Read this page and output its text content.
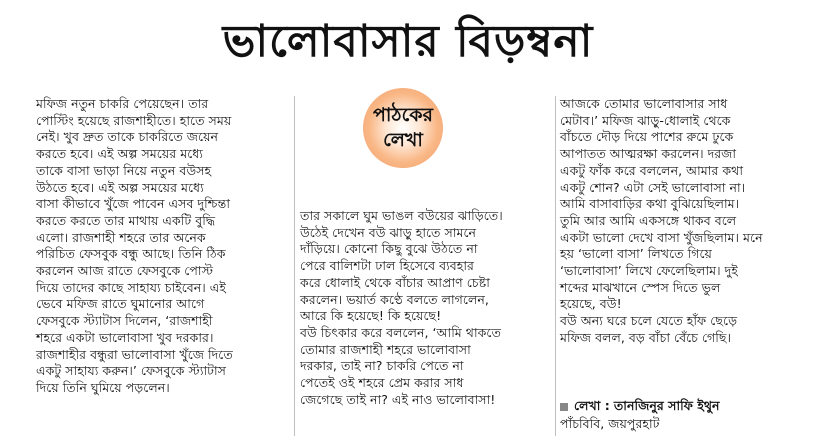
ভালোবাসার বিড়ম্বনা
পাঠকের
লেখা
মফিজ নতুন চাকরি পেয়েছেন। তার
পোস্টিং হয়েছে রাজশাহীতে। হাতে সময়
নেই। খুব দ্রুত তাকে চাকরিতে জয়েন
করতে হবে। এই অল্প সময়ের মধ্যে
তাকে বাসা ভাড়া নিয়ে নতুন বউসহ
উঠতে হবে। এই অল্প সময়ের মধ্যে
বাসা কীভাবে খুঁজে পাবেন এসব দুশ্চিন্তা
করতে করতে তার মাথায় একটি বুদ্ধি
এলো। রাজশাহী শহরে তার অনেক
পরিচিত ফেসবুক বন্ধু আছে। তিনি ঠিক
করলেন আজ রাতে ফেসবুকে পোস্ট
দিয়ে তাদের কাছে সাহায্য চাইবেন। এই
ভেবে মফিজ রাতে ঘুমানোর আগে
ফেসবুকে স্ট্যাটাস দিলেন, ‘রাজশাহী
শহরে একটা ভালোবাসা খুব দরকার।
রাজশাহীর বন্ধুরা ভালোবাসা খুঁজে দিতে
একটু সাহায্য করুন।’ ফেসবুকে স্ট্যাটাস
দিয়ে তিনি ঘুমিয়ে পড়লেন।
তার সকালে ঘুম ভাঙল বউয়ের ঝাড়িতে।
উঠেই দেখেন বউ ঝাড়ু হাতে সামনে
দাঁড়িয়ে। কোনো কিছু বুঝে উঠতে না
পেরে বালিশটা ঢাল হিসেবে ব্যবহার
করে ধোলাই থেকে বাঁচার আপ্রাণ চেষ্টা
করলেন। ভয়ার্ত কণ্ঠে বলতে লাগলেন,
আরে কি হয়েছে! কি হয়েছে!
বউ চিৎকার করে বললেন, ‘আমি থাকতে
তোমার রাজশাহী শহরে ভালোবাসা
দরকার, তাই না? চাকরি পেতে না
পেতেই ওই শহরে প্রেম করার সাধ
জেগেছে তাই না? এই নাও ভালোবাসা!
আজকে তোমার ভালোবাসার সাধ
মেটাব।’ মফিজ ঝাড়ু-ধোলাই থেকে
বাঁচতে দৌড় দিয়ে পাশের রুমে ঢুকে
আপাতত আত্মরক্ষা করলেন। দরজা
একটু ফাঁক করে বললেন, আমার কথা
একটু শোন? এটা সেই ভালোবাসা না।
আমি বাসাবাড়ির কথা বুঝিয়েছিলাম।
তুমি আর আমি একসঙ্গে থাকব বলে
একটা ভালো দেখে বাসা খুঁজছিলাম। মনে
হয় ‘ভালো বাসা’ লিখতে গিয়ে
‘ভালোবাসা’ লিখে ফেলেছিলাম। দুই
শব্দের মাঝখানে স্পেস দিতে ভুল
হয়েছে, বউ!
বউ অন্য ঘরে চলে যেতে হাঁফ ছেড়ে
মফিজ বলল, বড় বাঁচা বেঁচে গেছি।
লেখা : তানজিনুর সাফি ইথুন
পাঁচবিবি, জয়পুরহাট
